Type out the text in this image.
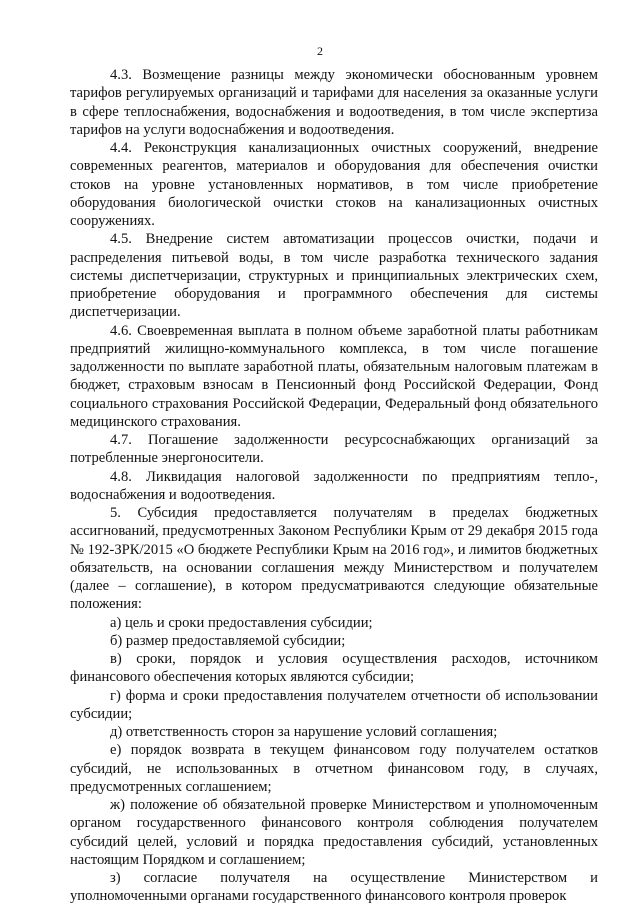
2

4.3. Возмещение разницы между экономически обоснованным уровнем тарифов регулируемых организаций и тарифами для населения за оказанные услуги в сфере теплоснабжения, водоснабжения и водоотведения, в том числе экспертиза тарифов на услуги водоснабжения и водоотведения.

4.4. Реконструкция канализационных очистных сооружений, внедрение современных реагентов, материалов и оборудования для обеспечения очистки стоков на уровне установленных нормативов, в том числе приобретение оборудования биологической очистки стоков на канализационных очистных сооружениях.

4.5. Внедрение систем автоматизации процессов очистки, подачи и распределения питьевой воды, в том числе разработка технического задания системы диспетчеризации, структурных и принципиальных электрических схем, приобретение оборудования и программного обеспечения для системы диспетчеризации.

4.6. Своевременная выплата в полном объеме заработной платы работникам предприятий жилищно-коммунального комплекса, в том числе погашение задолженности по выплате заработной платы, обязательным налоговым платежам в бюджет, страховым взносам в Пенсионный фонд Российской Федерации, Фонд социального страхования Российской Федерации, Федеральный фонд обязательного медицинского страхования.

4.7. Погашение задолженности ресурсоснабжающих организаций за потребленные энергоносители.

4.8. Ликвидация налоговой задолженности по предприятиям тепло-, водоснабжения и водоотведения.

5. Субсидия предоставляется получателям в пределах бюджетных ассигнований, предусмотренных Законом Республики Крым от 29 декабря 2015 года № 192-ЗРК/2015 «О бюджете Республики Крым на 2016 год», и лимитов бюджетных обязательств, на основании соглашения между Министерством и получателем (далее – соглашение), в котором предусматриваются следующие обязательные положения:

а) цель и сроки предоставления субсидии;

б) размер предоставляемой субсидии;

в) сроки, порядок и условия осуществления расходов, источником финансового обеспечения которых являются субсидии;

г) форма и сроки предоставления получателем отчетности об использовании субсидии;

д) ответственность сторон за нарушение условий соглашения;

е) порядок возврата в текущем финансовом году получателем остатков субсидий, не использованных в отчетном финансовом году, в случаях, предусмотренных соглашением;

ж) положение об обязательной проверке Министерством и уполномоченным органом государственного финансового контроля соблюдения получателем субсидий целей, условий и порядка предоставления субсидий, установленных настоящим Порядком и соглашением;

з) согласие получателя на осуществление Министерством и уполномоченными органами государственного финансового контроля проверок
